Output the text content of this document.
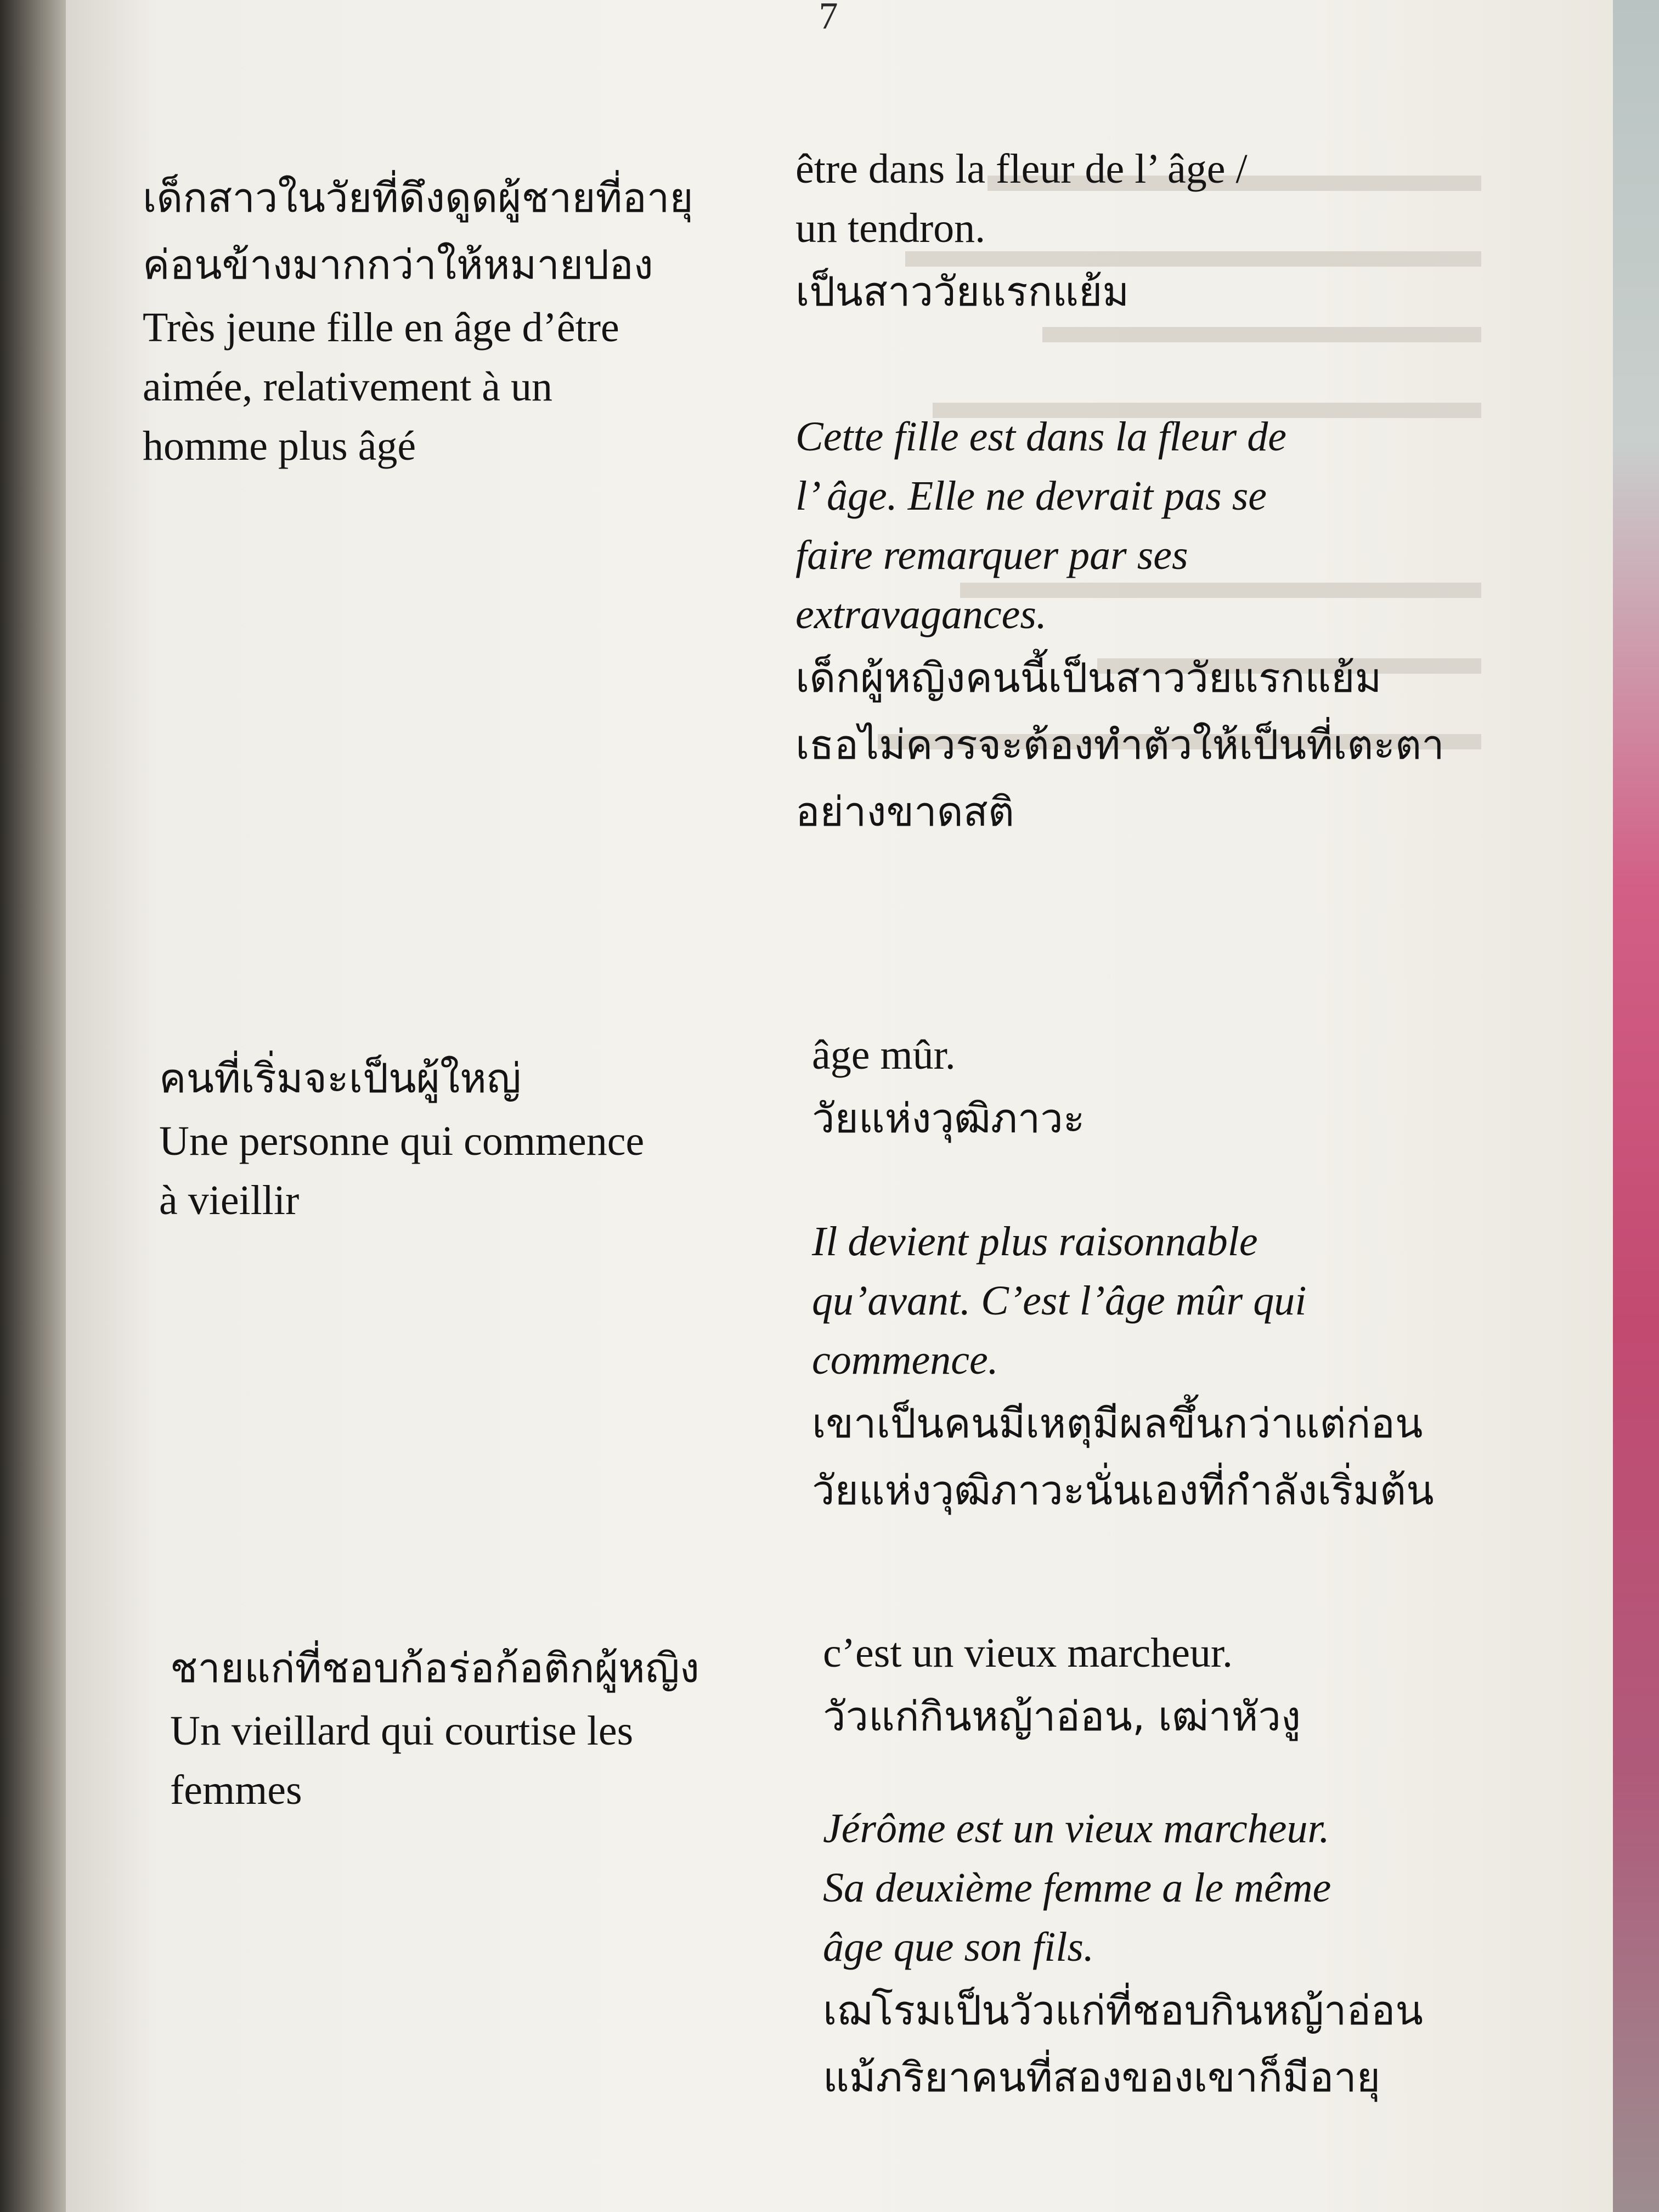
7
เด็กสาวในวัยที่ดึงดูดผู้ชายที่อายุ
ค่อนข้างมากกว่าให้หมายปอง
Très jeune fille en âge d’être
aimée, relativement à un
homme plus âgé
être dans la fleur de l’ âge /
un tendron.
เป็นสาววัยแรกแย้ม
Cette fille est dans la fleur de
l’ âge. Elle ne devrait pas se
faire remarquer par ses
extravagances.
เด็กผู้หญิงคนนี้เป็นสาววัยแรกแย้ม
เธอไม่ควรจะต้องทำตัวให้เป็นที่เตะตา
อย่างขาดสติ
คนที่เริ่มจะเป็นผู้ใหญ่
Une personne qui commence
à vieillir
âge mûr.
วัยแห่งวุฒิภาวะ
Il devient plus raisonnable
qu’avant. C’est l’âge mûr qui
commence.
เขาเป็นคนมีเหตุมีผลขึ้นกว่าแต่ก่อน
วัยแห่งวุฒิภาวะนั่นเองที่กำลังเริ่มต้น
ชายแก่ที่ชอบก้อร่อก้อติกผู้หญิง
Un vieillard qui courtise les
femmes
c’est un vieux marcheur.
วัวแก่กินหญ้าอ่อน, เฒ่าหัวงู
Jérôme est un vieux marcheur.
Sa deuxième femme a le même
âge que son fils.
เฌโรมเป็นวัวแก่ที่ชอบกินหญ้าอ่อน
แม้ภริยาคนที่สองของเขาก็มีอายุ
